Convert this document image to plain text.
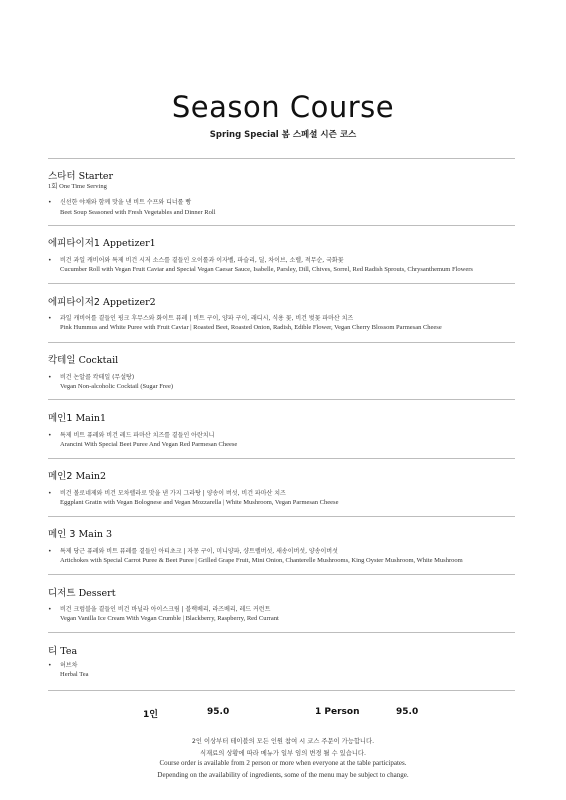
Season Course
Spring Special 봄 스페셜 시즌 코스
스타터 Starter
1회 One Time Serving
• 신선한 야채와 함께 맛을 낸 비트 수프와 디너롤 빵
Beet Soup Seasoned with Fresh Vegetables and Dinner Roll
에피타이저1 Appetizer1
• 비건 과일 캐비어와 특제 비건 시저 소스를 곁들인 오이롤과 이자벨, 파슬리, 딜, 차이브, 소렐, 적무순, 국화꽃
Cucumber Roll with Vegan Fruit Caviar and Special Vegan Caesar Sauce, Isabelle, Parsley, Dill, Chives, Sorrel, Red Radish Sprouts, Chrysanthemum Flowers
에피타이저2 Appetizer2
• 과일 캐비어를 곁들인 핑크 후무스와 화이트 퓨레 | 비트 구이, 양파 구이, 래디시, 식용 꽃, 비건 벚꽃 파마산 치즈
Pink Hummus and White Puree with Fruit Caviar | Roasted Beet, Roasted Onion, Radish, Edible Flower, Vegan Cherry Blossom Parmesan Cheese
칵테일 Cocktail
• 비건 논알콜 칵테일 (무설탕)
Vegan Non-alcoholic Cocktail (Sugar Free)
메인1 Main1
• 특제 비트 퓨레와 비건 레드 파마산 치즈를 곁들인 아란치니
Arancini With Special Beet Puree And Vegan Red Parmesan Cheese
메인2 Main2
• 비건 볼로네제와 비건 모차렐라로 맛을 낸 가지 그라탕 | 양송이 버섯, 비건 파마산 치즈
Eggplant Gratin with Vegan Bolognese and Vegan Mozzarella | White Mushroom, Vegan Parmesan Cheese
메인 3 Main 3
• 특제 당근 퓨레와 비트 퓨레를 곁들인 아티초크 | 자몽 구이, 미니양파, 샹트렐버섯, 새송이버섯, 양송이버섯
Artichokes with Special Carrot Puree & Beet Puree | Grilled Grape Fruit, Mini Onion, Chanterelle Mushrooms, King Oyster Mushroom, White Mushroom
디저트 Dessert
• 비건 크럼블을 곁들인 비건 바닐라 아이스크림 | 블랙베리, 라즈베리, 레드 커런트
Vegan Vanilla Ice Cream With Vegan Crumble | Blackberry, Raspberry, Red Currant
티 Tea
• 허브차
Herbal Tea
1인	95.0	1 Person	95.0
2인 이상부터 테이블의 모든 인원 참여 시 코스 주문이 가능합니다.
식재료의 상황에 따라 메뉴가 일부 임의 변경 될 수 있습니다.
Course order is available from 2 person or more when everyone at the table participates.
Depending on the availability of ingredients, some of the menu may be subject to change.
